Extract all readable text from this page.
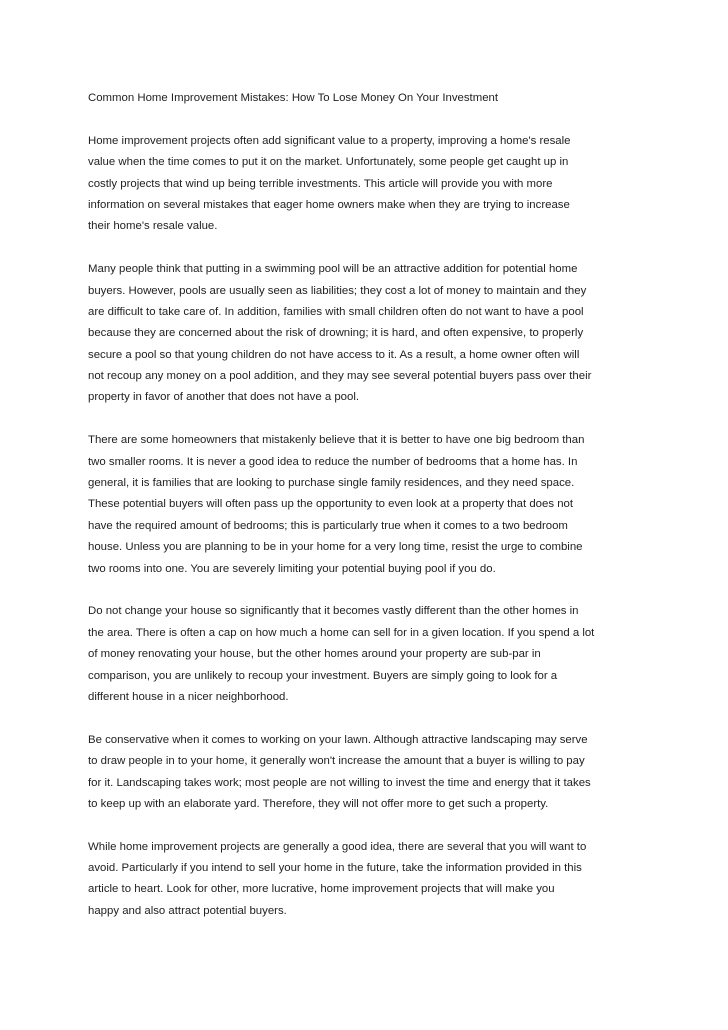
Common Home Improvement Mistakes: How To Lose Money On Your Investment
Home improvement projects often add significant value to a property, improving a home's resale
value when the time comes to put it on the market. Unfortunately, some people get caught up in
costly projects that wind up being terrible investments. This article will provide you with more
information on several mistakes that eager home owners make when they are trying to increase
their home's resale value.
Many people think that putting in a swimming pool will be an attractive addition for potential home
buyers. However, pools are usually seen as liabilities; they cost a lot of money to maintain and they
are difficult to take care of. In addition, families with small children often do not want to have a pool
because they are concerned about the risk of drowning; it is hard, and often expensive, to properly
secure a pool so that young children do not have access to it. As a result, a home owner often will
not recoup any money on a pool addition, and they may see several potential buyers pass over their
property in favor of another that does not have a pool.
There are some homeowners that mistakenly believe that it is better to have one big bedroom than
two smaller rooms. It is never a good idea to reduce the number of bedrooms that a home has. In
general, it is families that are looking to purchase single family residences, and they need space.
These potential buyers will often pass up the opportunity to even look at a property that does not
have the required amount of bedrooms; this is particularly true when it comes to a two bedroom
house. Unless you are planning to be in your home for a very long time, resist the urge to combine
two rooms into one. You are severely limiting your potential buying pool if you do.
Do not change your house so significantly that it becomes vastly different than the other homes in
the area. There is often a cap on how much a home can sell for in a given location. If you spend a lot
of money renovating your house, but the other homes around your property are sub-par in
comparison, you are unlikely to recoup your investment. Buyers are simply going to look for a
different house in a nicer neighborhood.
Be conservative when it comes to working on your lawn. Although attractive landscaping may serve
to draw people in to your home, it generally won't increase the amount that a buyer is willing to pay
for it. Landscaping takes work; most people are not willing to invest the time and energy that it takes
to keep up with an elaborate yard. Therefore, they will not offer more to get such a property.
While home improvement projects are generally a good idea, there are several that you will want to
avoid. Particularly if you intend to sell your home in the future, take the information provided in this
article to heart. Look for other, more lucrative, home improvement projects that will make you
happy and also attract potential buyers.
